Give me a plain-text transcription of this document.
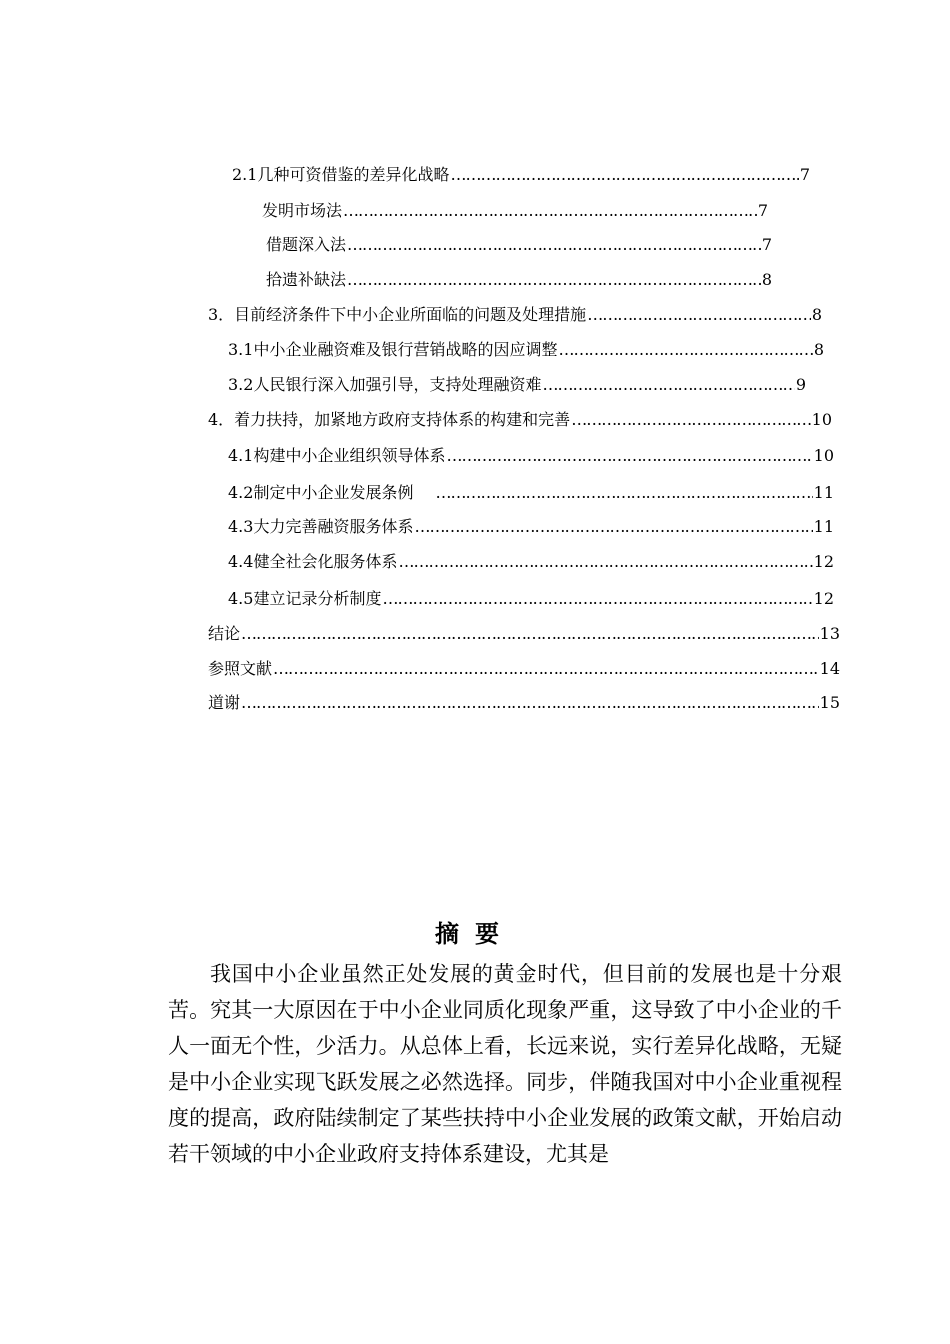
2.1几种可资借鉴的差异化战略 ……………………………………………………………………………………………………………………………………………	7
发明市场法 ……………………………………………………………………………………………………………………………………………	7
借题深入法 ……………………………………………………………………………………………………………………………………………	7
拾遗补缺法 ……………………………………………………………………………………………………………………………………………	8
3．目前经济条件下中小企业所面临的问题及处理措施 ……………………………………………………………………………………………………………………………………………	8
3.1中小企业融资难及银行营销战略的因应调整 ……………………………………………………………………………………………………………………………………………	8
3.2人民银行深入加强引导，支持处理融资难 ……………………………………………………………………………………………………………………………………………	9
4．着力扶持，加紧地方政府支持体系的构建和完善 ……………………………………………………………………………………………………………………………………………	10
4.1构建中小企业组织领导体系 ……………………………………………………………………………………………………………………………………………	10
4.2制定中小企业发展条例 ……………………………………………………………………………………………………………………………………………	11
4.3大力完善融资服务体系 ……………………………………………………………………………………………………………………………………………	11
4.4健全社会化服务体系 ……………………………………………………………………………………………………………………………………………	12
4.5建立记录分析制度 ……………………………………………………………………………………………………………………………………………	12
结论 ……………………………………………………………………………………………………………………………………………	13
参照文献 ……………………………………………………………………………………………………………………………………………	14
道谢 ……………………………………………………………………………………………………………………………………………	15
摘要

我国中小企业虽然正处发展的黄金时代，但目前的发展也是十分艰苦。究其一大原因在于中小企业同质化现象严重，这导致了中小企业的千人一面无个性，少活力。从总体上看，长远来说，实行差异化战略，无疑是中小企业实现飞跃发展之必然选择。同步，伴随我国对中小企业重视程度的提高，政府陆续制定了某些扶持中小企业发展的政策文献，开始启动若干领域的中小企业政府支持体系建设，尤其是
